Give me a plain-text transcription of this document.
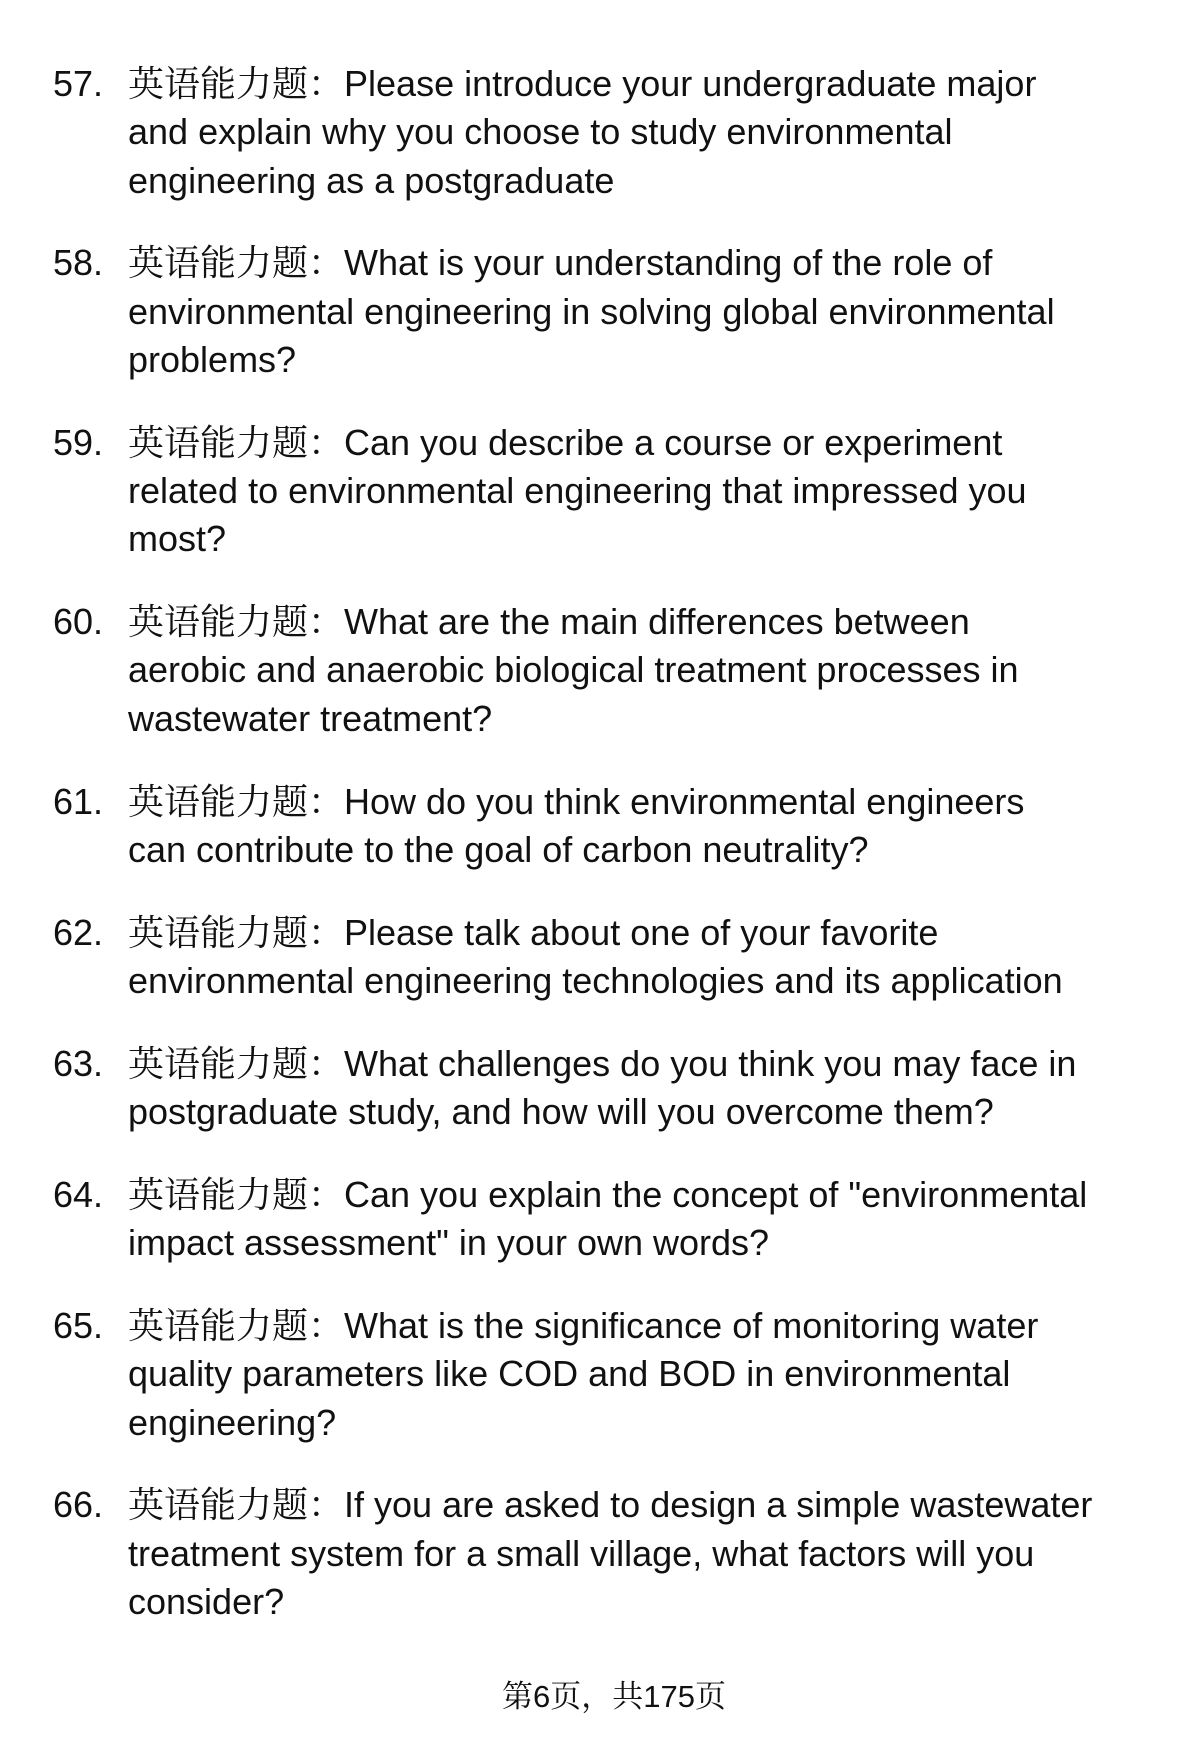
57. 英语能力题：Please introduce your undergraduate major
and explain why you choose to study environmental
engineering as a postgraduate
58. 英语能力题：What is your understanding of the role of
environmental engineering in solving global environmental
problems?
59. 英语能力题：Can you describe a course or experiment
related to environmental engineering that impressed you
most?
60. 英语能力题：What are the main differences between
aerobic and anaerobic biological treatment processes in
wastewater treatment?
61. 英语能力题：How do you think environmental engineers
can contribute to the goal of carbon neutrality?
62. 英语能力题：Please talk about one of your favorite
environmental engineering technologies and its application
63. 英语能力题：What challenges do you think you may face in
postgraduate study, and how will you overcome them?
64. 英语能力题：Can you explain the concept of "environmental
impact assessment" in your own words?
65. 英语能力题：What is the significance of monitoring water
quality parameters like COD and BOD in environmental
engineering?
66. 英语能力题：If you are asked to design a simple wastewater
treatment system for a small village, what factors will you
consider?
第6页，共175页
